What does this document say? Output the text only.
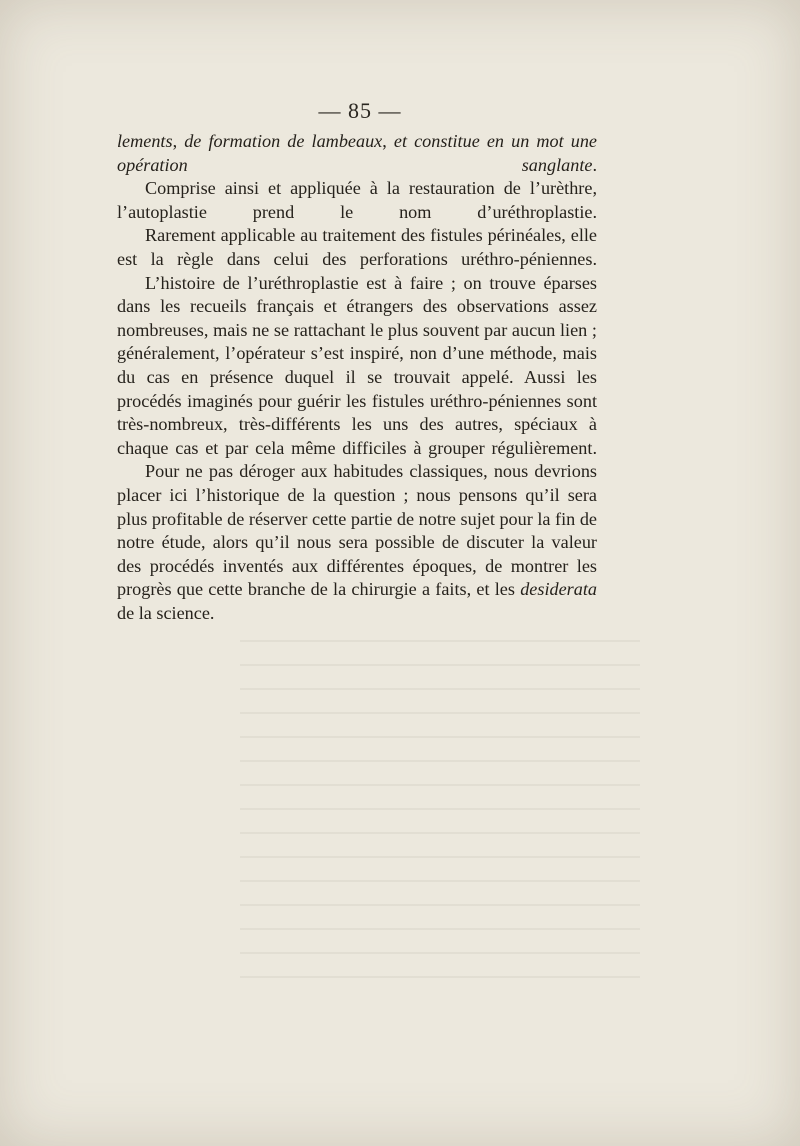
— 85 —

lements, de formation de lambeaux, et constitue en un mot une opération sanglante.

Comprise ainsi et appliquée à la restauration de l’urèthre, l’autoplastie prend le nom d’uréthroplastie.

Rarement applicable au traitement des fistules périnéales, elle est la règle dans celui des perforations uréthro-péniennes.

L’histoire de l’uréthroplastie est à faire ; on trouve éparses dans les recueils français et étrangers des observations assez nombreuses, mais ne se rattachant le plus souvent par aucun lien ; généralement, l’opérateur s’est inspiré, non d’une méthode, mais du cas en présence duquel il se trouvait appelé. Aussi les procédés imaginés pour guérir les fistules uréthro-péniennes sont très-nombreux, très-différents les uns des autres, spéciaux à chaque cas et par cela même difficiles à grouper régulièrement.

Pour ne pas déroger aux habitudes classiques, nous devrions placer ici l’historique de la question ; nous pensons qu’il sera plus profitable de réserver cette partie de notre sujet pour la fin de notre étude, alors qu’il nous sera possible de discuter la valeur des procédés inventés aux différentes époques, de montrer les progrès que cette branche de la chirurgie a faits, et les desiderata de la science.
